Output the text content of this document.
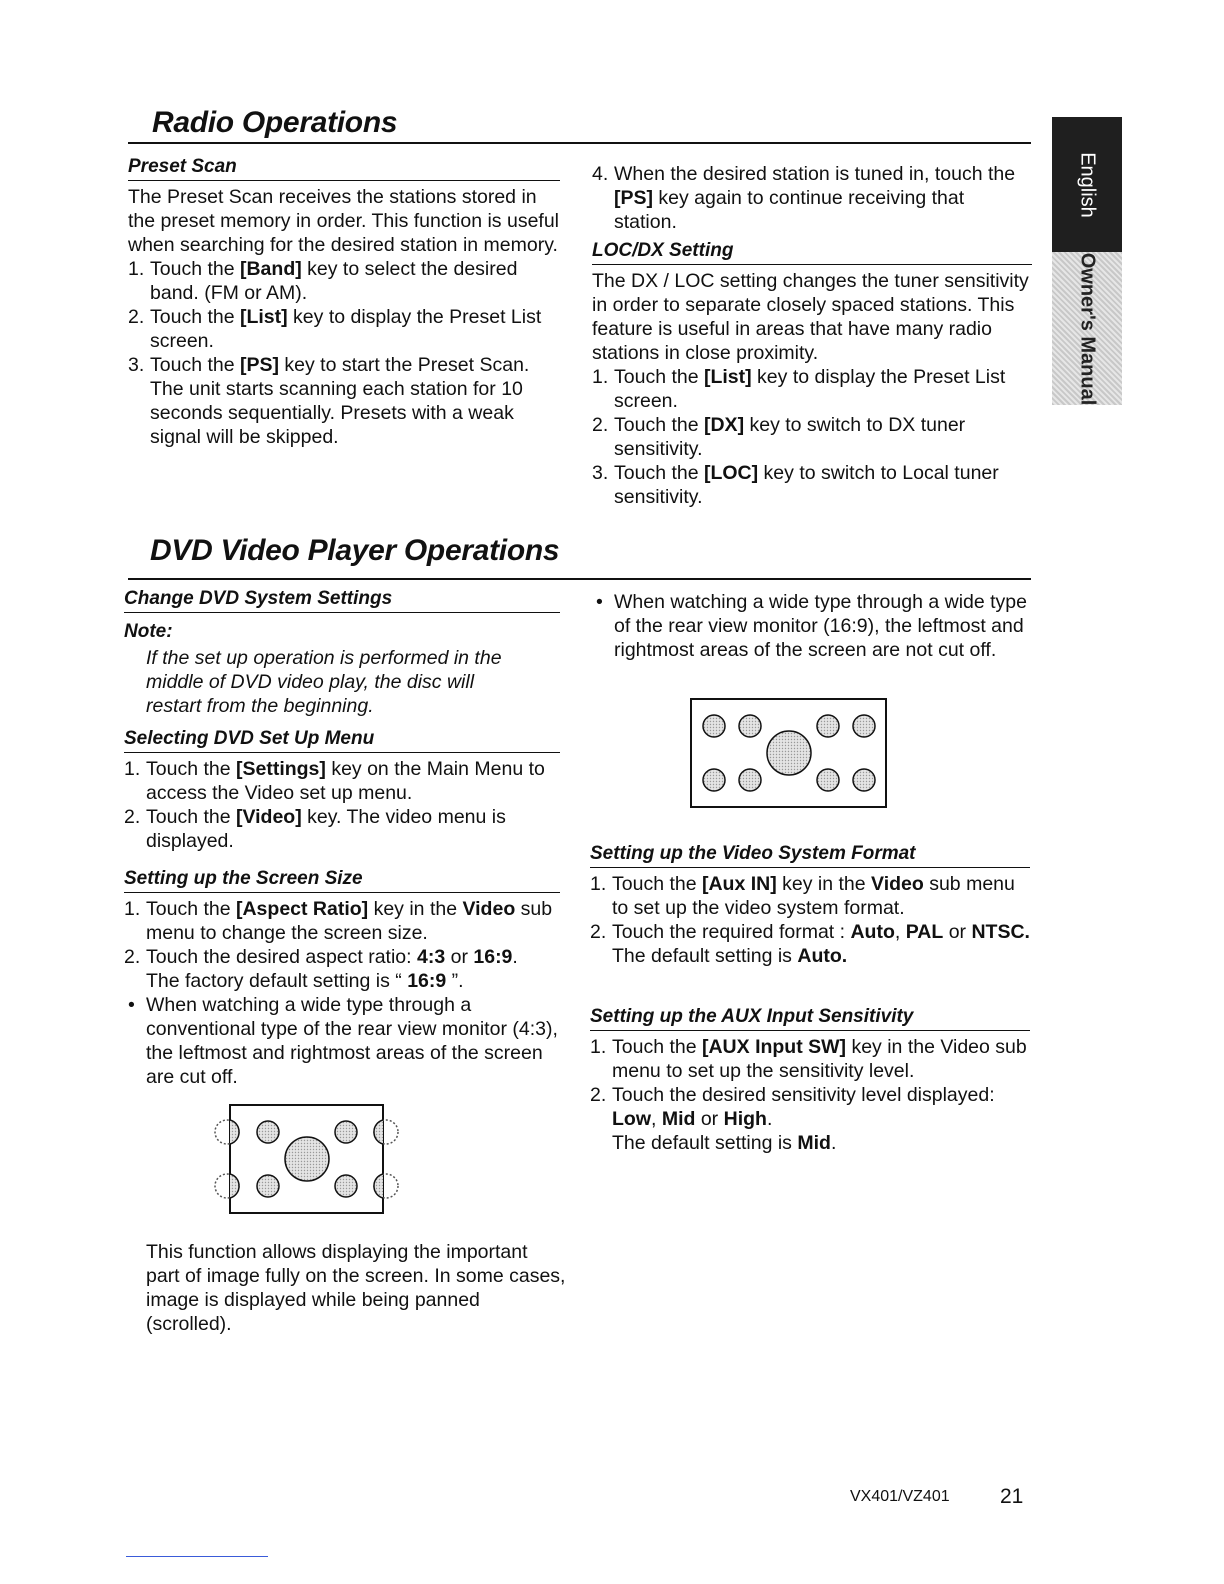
English
Owner's Manual
Radio Operations
Preset Scan

The Preset Scan receives the stations stored in the preset memory in order. This function is useful when searching for the desired station in memory.

1. Touch the [Band] key to select the desired band. (FM or AM).
2. Touch the [List] key to display the Preset List screen.
3. Touch the [PS] key to start the Preset Scan. The unit starts scanning each station for 10 seconds sequentially. Presets with a weak signal will be skipped.
4. When the desired station is tuned in, touch the [PS] key again to continue receiving that station.
LOC/DX Setting

The DX / LOC setting changes the tuner sensitivity in order to separate closely spaced stations. This feature is useful in areas that have many radio stations in close proximity.

1. Touch the [List] key to display the Preset List screen.
2. Touch the [DX] key to switch to DX tuner sensitivity.
3. Touch the [LOC] key to switch to Local tuner sensitivity.
DVD Video Player Operations
Change DVD System Settings
Note:
If the set up operation is performed in the middle of DVD video play, the disc will restart from the beginning.
Selecting DVD Set Up Menu
1. Touch the [Settings] key on the Main Menu to access the Video set up menu.
2. Touch the [Video] key. The video menu is displayed.
Setting up the Screen Size
1. Touch the [Aspect Ratio] key in the Video sub menu to change the screen size.
2. Touch the desired aspect ratio: 4:3 or 16:9.
The factory default setting is “ 16:9 ”.
• When watching a wide type through a conventional type of the rear view monitor (4:3), the leftmost and rightmost areas of the screen are cut off.
This function allows displaying the important part of image fully on the screen. In some cases, image is displayed while being panned (scrolled).
• When watching a wide type through a wide type of the rear view monitor (16:9), the leftmost and rightmost areas of the screen are not cut off.
Setting up the Video System Format
1. Touch the [Aux IN] key in the Video sub menu to set up the video system format.
2. Touch the required format : Auto, PAL or NTSC.
The default setting is Auto.
Setting up the AUX Input Sensitivity
1. Touch the [AUX Input SW] key in the Video sub menu to set up the sensitivity level.
2. Touch the desired sensitivity level displayed: Low, Mid or High.
The default setting is Mid.
VX401/VZ401 21
